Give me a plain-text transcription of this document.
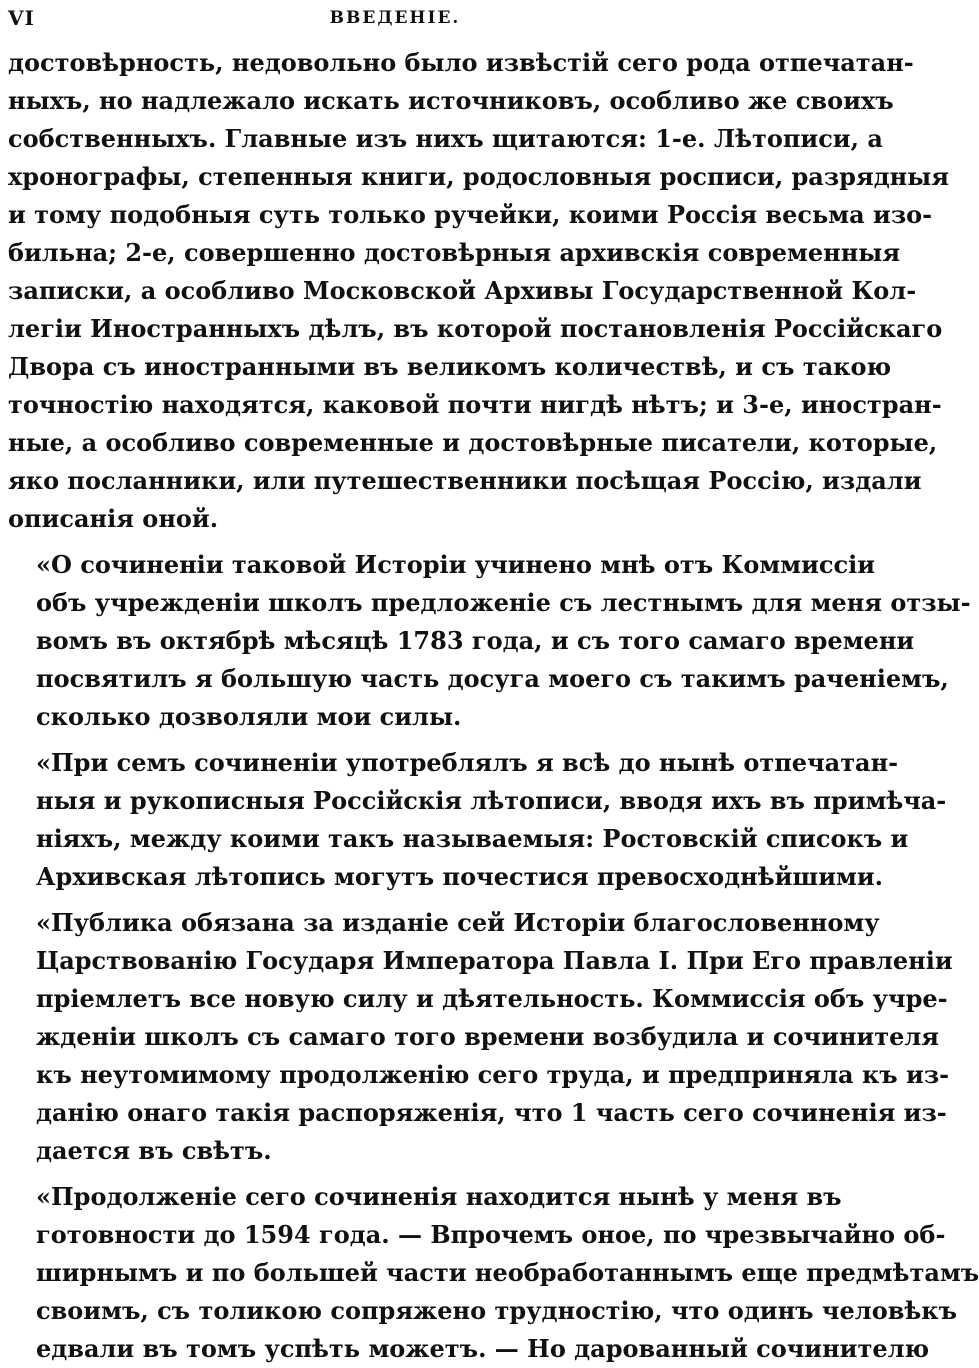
VI	ВВЕДЕНІЕ.
достовѣрность, недовольно было извѣстій сего рода отпечатан-
ныхъ, но надлежало искать источниковъ, особливо же своихъ
собственныхъ. Главные изъ нихъ щитаются: 1-е. Лѣтописи, а
хронографы, степенныя книги, родословныя росписи, разрядныя
и тому подобныя суть только ручейки, коими Россія весьма изо-
бильна; 2-е, совершенно достовѣрныя архивскія современныя
записки, а особливо Московской Архивы Государственной Кол-
легіи Иностранныхъ дѣлъ, въ которой постановленія Россійскаго
Двора съ иностранными въ великомъ количествѣ, и съ такою
точностію находятся, каковой почти нигдѣ нѣтъ; и 3-е, иностран-
ные, а особливо современные и достовѣрные писатели, которые,
яко посланники, или путешественники посѣщая Россію, издали
описанія оной.
«О сочиненіи таковой Исторіи учинено мнѣ отъ Коммиссіи
объ учрежденіи школъ предложеніе съ лестнымъ для меня отзы-
вомъ въ октябрѣ мѣсяцѣ 1783 года, и съ того самаго времени
посвятилъ я большую часть досуга моего съ такимъ раченіемъ,
сколько дозволяли мои силы.
«При семъ сочиненіи употреблялъ я всѣ до нынѣ отпечатан-
ныя и рукописныя Россійскія лѣтописи, вводя ихъ въ примѣча-
ніяхъ, между коими такъ называемыя: Ростовскій списокъ и
Архивская лѣтопись могутъ почестися превосходнѣйшими.
«Публика обязана за изданіе сей Исторіи благословенному
Царствованію Государя Императора Павла I. При Его правленіи
пріемлетъ все новую силу и дѣятельность. Коммиссія объ учре-
жденіи школъ съ самаго того времени возбудила и сочинителя
къ неутомимому продолженію сего труда, и предприняла къ из-
данію онаго такія распоряженія, что 1 часть сего сочиненія из-
дается въ свѣтъ.
«Продолженіе сего сочиненія находится нынѣ у меня въ
готовности до 1594 года. — Впрочемъ оное, по чрезвычайно об-
ширнымъ и по большей части необработаннымъ еще предмѣтамъ
своимъ, съ толикою сопряжено трудностію, что одинъ человѣкъ
едвали въ томъ успѣть можетъ. — Но дарованный сочинителю
